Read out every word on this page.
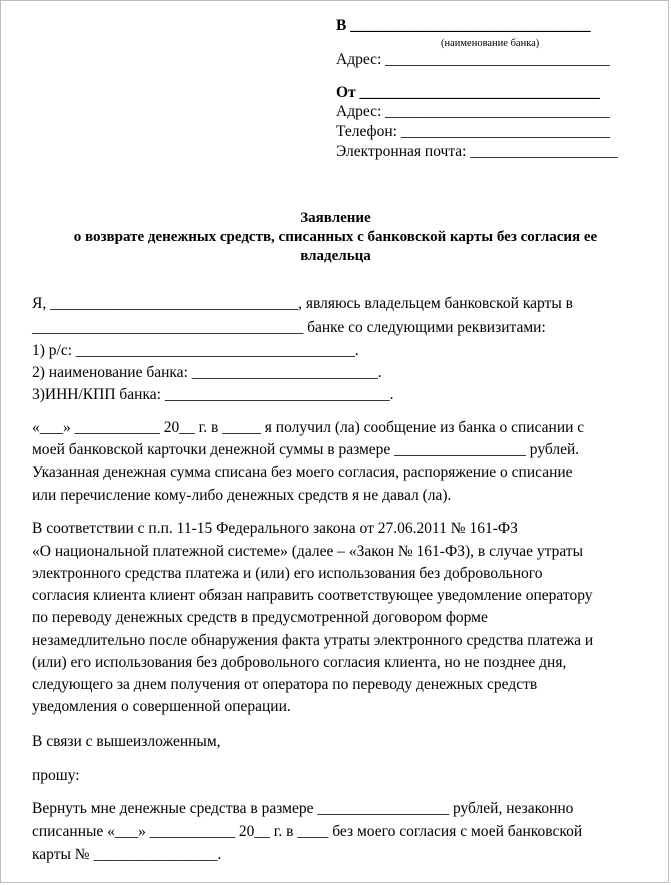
В _______________________________
(наименование банка)
Адрес: _____________________________
От _______________________________
Адрес: _____________________________
Телефон: ___________________________
Электронная почта: ___________________
Заявление
о возврате денежных средств, списанных с банковской карты без согласия ее
владельца
Я, ________________________________, являюсь владельцем банковской карты в
___________________________________ банке со следующими реквизитами:
1) р/с: ____________________________________.
2) наименование банка: ________________________.
3)ИНН/КПП банка: _____________________________.
«___» ___________ 20__ г. в _____ я получил (ла) сообщение из банка о списании с
моей банковской карточки денежной суммы в размере _________________ рублей.
Указанная денежная сумма списана без моего согласия, распоряжение о списание
или перечисление кому-либо денежных средств я не давал (ла).
В соответствии с п.п. 11-15 Федерального закона от 27.06.2011 № 161-ФЗ
«О национальной платежной системе» (далее – «Закон № 161-ФЗ), в случае утраты
электронного средства платежа и (или) его использования без добровольного
согласия клиента клиент обязан направить соответствующее уведомление оператору
по переводу денежных средств в предусмотренной договором форме
незамедлительно после обнаружения факта утраты электронного средства платежа и
(или) его использования без добровольного согласия клиента, но не позднее дня,
следующего за днем получения от оператора по переводу денежных средств
уведомления о совершенной операции.
В связи с вышеизложенным,
прошу:
Вернуть мне денежные средства в размере _________________ рублей, незаконно
списанные «___» ___________ 20__ г. в ____ без моего согласия с моей банковской
карты № ________________.
